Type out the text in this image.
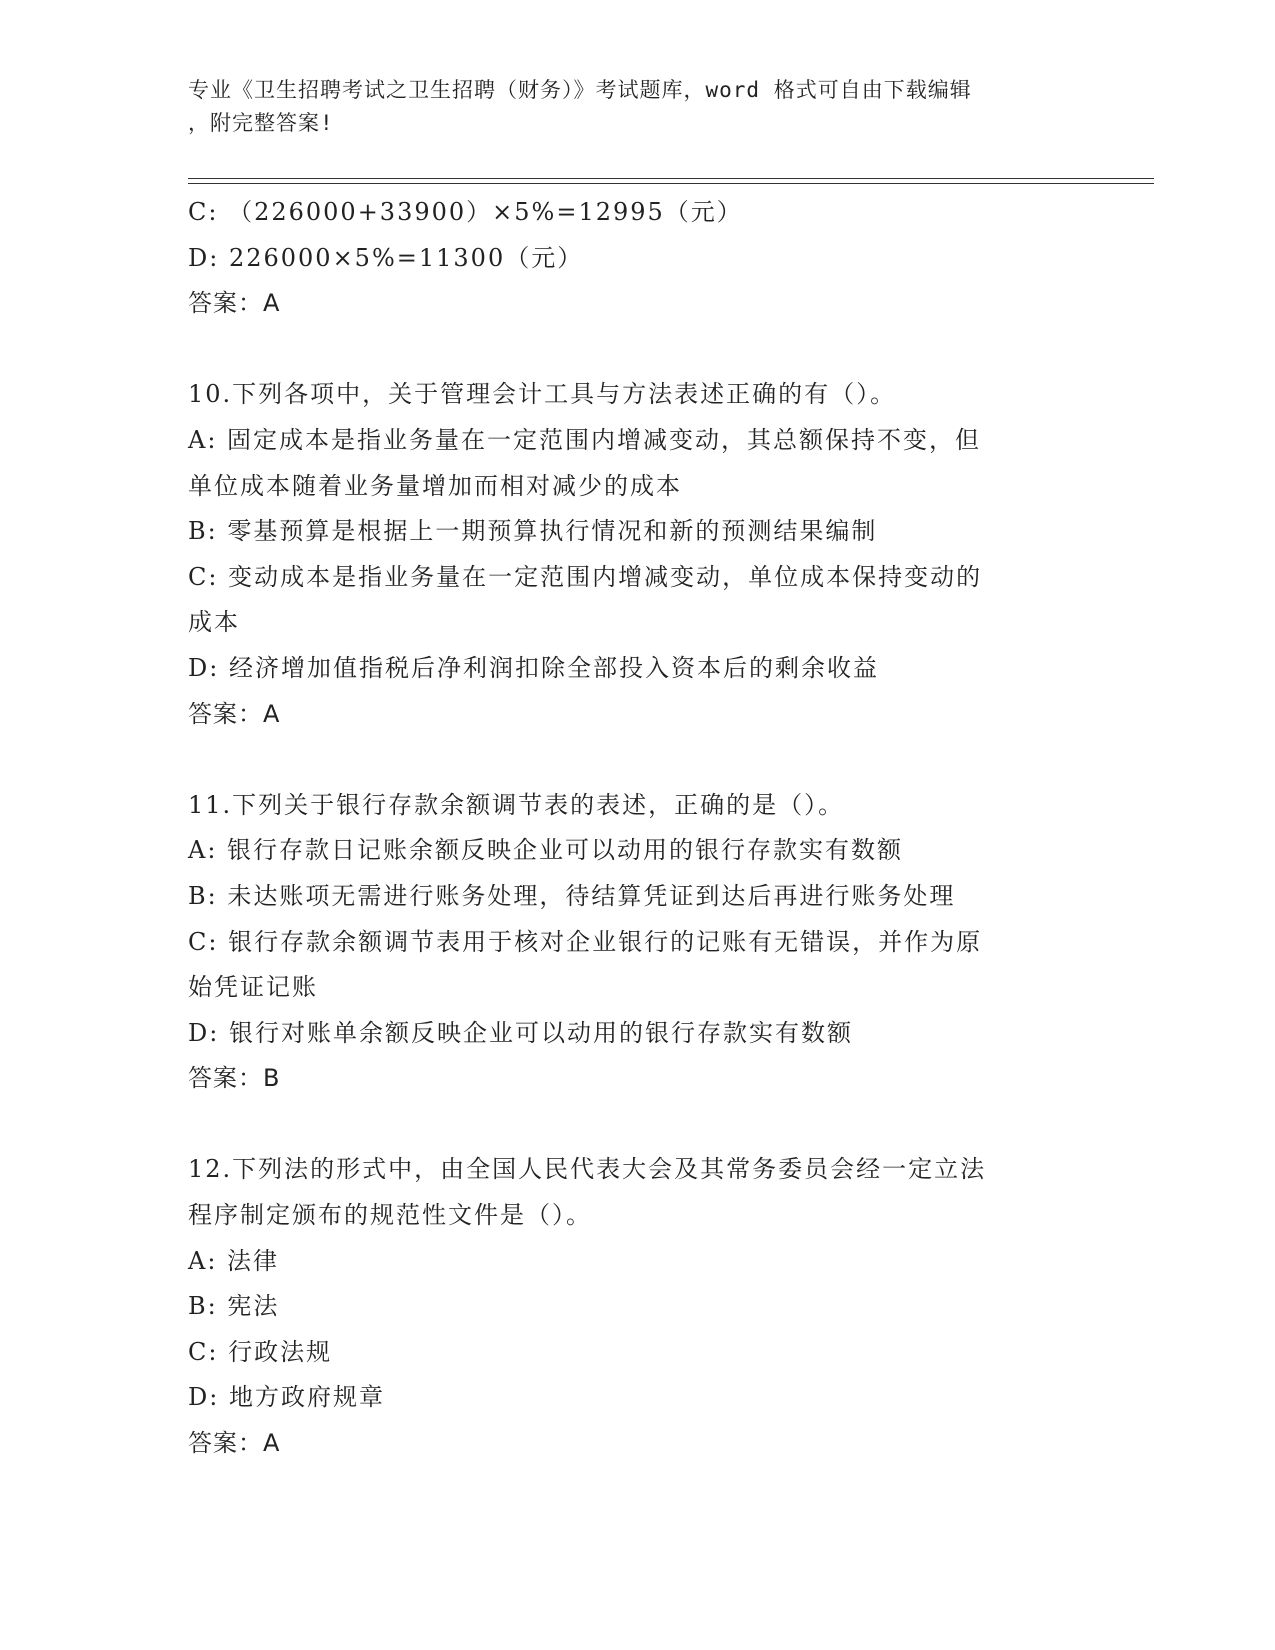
专业《卫生招聘考试之卫生招聘（财务）》考试题库，word 格式可自由下载编辑
，附完整答案!
C: （226000+33900）×5%=12995（元）
D: 226000×5%=11300（元）
答案：A
10.下列各项中，关于管理会计工具与方法表述正确的有（）。
A: 固定成本是指业务量在一定范围内增减变动，其总额保持不变，但
单位成本随着业务量增加而相对减少的成本
B: 零基预算是根据上一期预算执行情况和新的预测结果编制
C: 变动成本是指业务量在一定范围内增减变动，单位成本保持变动的
成本
D: 经济增加值指税后净利润扣除全部投入资本后的剩余收益
答案：A
11.下列关于银行存款余额调节表的表述，正确的是（）。
A: 银行存款日记账余额反映企业可以动用的银行存款实有数额
B: 未达账项无需进行账务处理，待结算凭证到达后再进行账务处理
C: 银行存款余额调节表用于核对企业银行的记账有无错误，并作为原
始凭证记账
D: 银行对账单余额反映企业可以动用的银行存款实有数额
答案：B
12.下列法的形式中，由全国人民代表大会及其常务委员会经一定立法
程序制定颁布的规范性文件是（）。
A: 法律
B: 宪法
C: 行政法规
D: 地方政府规章
答案：A
